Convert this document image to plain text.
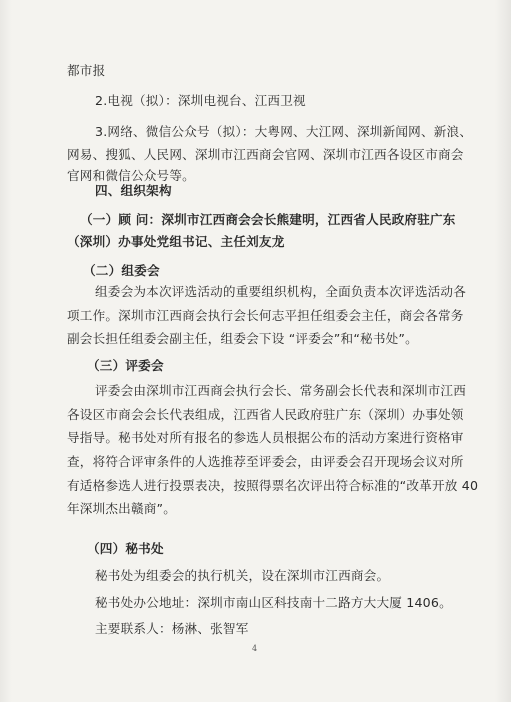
都市报
2.电视（拟）：深圳电视台、江西卫视
3.网络、微信公众号（拟）：大粤网、大江网、深圳新闻网、新浪、
网易、搜狐、人民网、深圳市江西商会官网、深圳市江西各设区市商会
官网和微信公众号等。
四、组织架构
（一）顾 问：深圳市江西商会会长熊建明，江西省人民政府驻广东
（深圳）办事处党组书记、主任刘友龙
（二）组委会
组委会为本次评选活动的重要组织机构，全面负责本次评选活动各
项工作。深圳市江西商会执行会长何志平担任组委会主任，商会各常务
副会长担任组委会副主任，组委会下设 “评委会”和“秘书处”。
（三）评委会
评委会由深圳市江西商会执行会长、常务副会长代表和深圳市江西
各设区市商会会长代表组成，江西省人民政府驻广东（深圳）办事处领
导指导。秘书处对所有报名的参选人员根据公布的活动方案进行资格审
查，将符合评审条件的人选推荐至评委会，由评委会召开现场会议对所
有适格参选人进行投票表决，按照得票名次评出符合标准的“改革开放 40
年深圳杰出赣商”。
（四）秘书处
秘书处为组委会的执行机关，设在深圳市江西商会。
秘书处办公地址：深圳市南山区科技南十二路方大大厦 1406。
主要联系人：杨淋、张智军
4
